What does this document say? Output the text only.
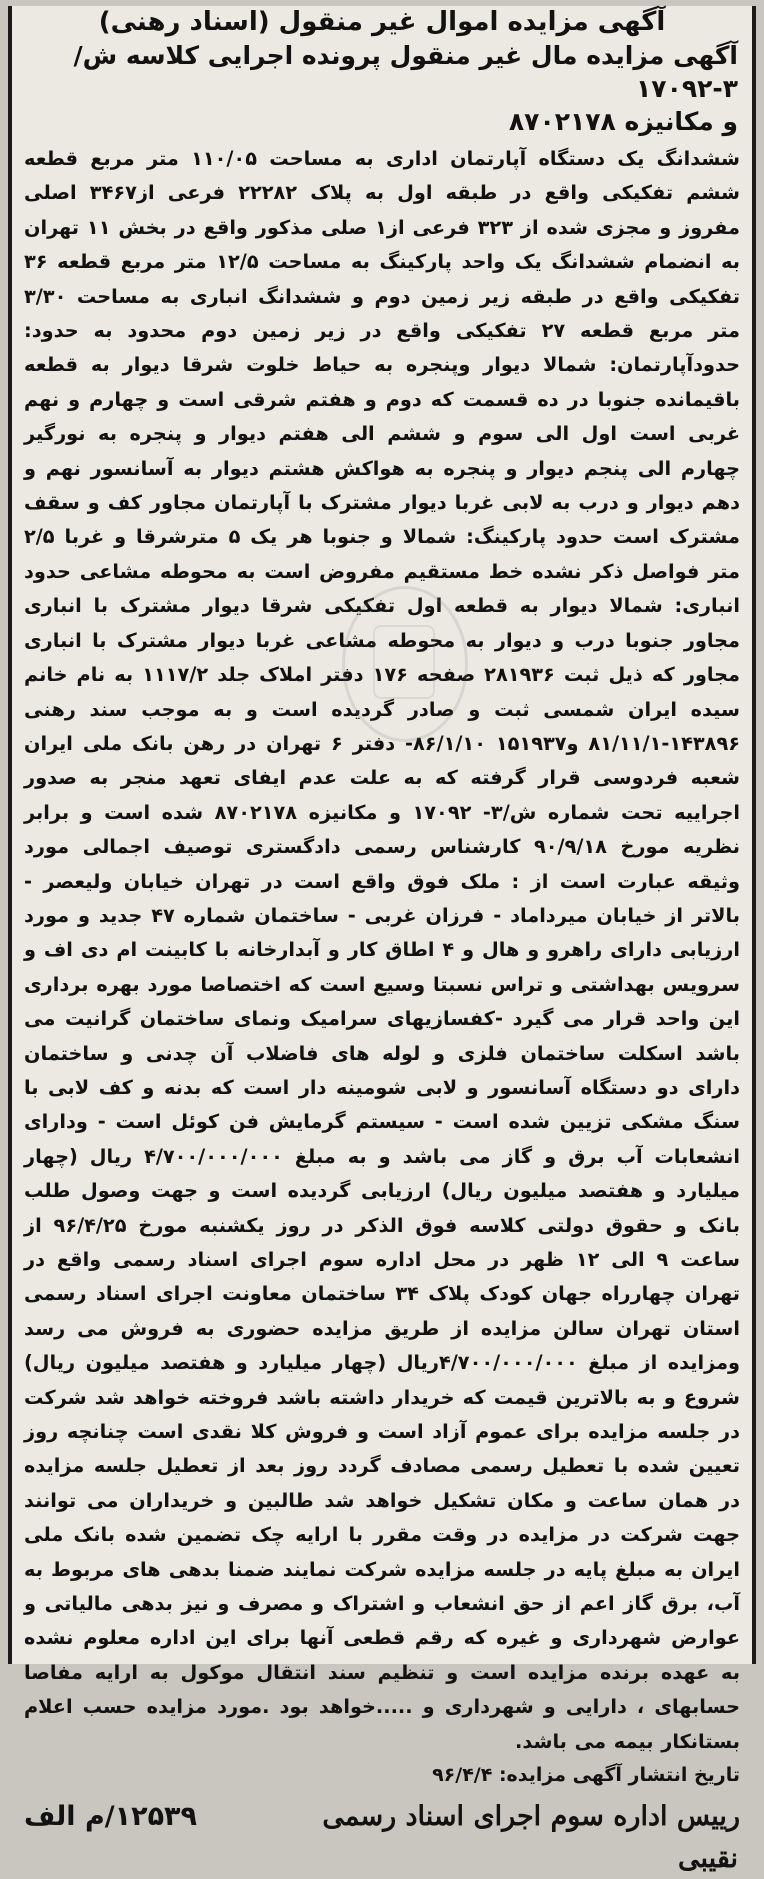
آگهی مزایده اموال غیر منقول (اسناد رهنی)
آگهی مزایده مال غیر منقول پرونده اجرایی کلاسه ش/۳-۱۷۰۹۲
و مکانیزه ۸۷۰۲۱۷۸

ششدانگ یک دستگاه آپارتمان اداری به مساحت ۱۱۰/۰۵ متر مربع قطعه ششم تفکیکی واقع در طبقه اول به پلاک ۲۲۲۸۲ فرعی از۳۴۶۷ اصلی مفروز و مجزی شده از ۳۲۳ فرعی از۱ صلی مذکور واقع در بخش ۱۱ تهران به انضمام ششدانگ یک واحد پارکینگ به مساحت ۱۲/۵ متر مربع قطعه ۳۶ تفکیکی واقع در طبقه زیر زمین دوم و ششدانگ انباری به مساحت ۳/۳۰ متر مربع قطعه ۲۷ تفکیکی واقع در زیر زمین دوم محدود به حدود: حدودآپارتمان: شمالا دیوار وپنجره به حیاط خلوت شرقا دیوار به قطعه باقیمانده جنوبا در ده قسمت که دوم و هفتم شرقی است و چهارم و نهم غربی است اول الی سوم و ششم الی هفتم دیوار و پنجره به نورگیر چهارم الی پنجم دیوار و پنجره به هواکش هشتم دیوار به آسانسور نهم و دهم دیوار و درب به لابی غربا دیوار مشترک با آپارتمان مجاور کف و سقف مشترک است حدود پارکینگ: شمالا و جنوبا هر یک ۵ مترشرقا و غربا ۲/۵ متر فواصل ذکر نشده خط مستقیم مفروض است به محوطه مشاعی حدود انباری: شمالا دیوار به قطعه اول تفکیکی شرقا دیوار مشترک با انباری مجاور جنوبا درب و دیوار به محوطه مشاعی غربا دیوار مشترک با انباری مجاور که ذیل ثبت ۲۸۱۹۳۶ صفحه ۱۷۶ دفتر املاک جلد ۱۱۱۷/۲ به نام خانم سیده ایران شمسی ثبت و صادر گردیده است و به موجب سند رهنی ۱۴۳۸۹۶-۸۱/۱۱/۱ و۱۵۱۹۳۷ ۸۶/۱/۱۰- دفتر ۶ تهران در رهن بانک ملی ایران شعبه فردوسی قرار گرفته که به علت عدم ایفای تعهد منجر به صدور اجراییه تحت شماره ش/۳- ۱۷۰۹۲ و مکانیزه ۸۷۰۲۱۷۸ شده است و برابر نظریه مورخ ۹۰/۹/۱۸ کارشناس رسمی دادگستری توصیف اجمالی مورد وثیقه عبارت است از : ملک فوق واقع است در تهران خیابان ولیعصر - بالاتر از خیابان میرداماد - فرزان غربی - ساختمان شماره ۴۷ جدید و مورد ارزیابی دارای راهرو و هال و ۴ اطاق کار و آبدارخانه با کابینت ام دی اف و سرویس بهداشتی و تراس نسبتا وسیع است که اختصاصا مورد بهره برداری این واحد قرار می گیرد -کفسازیهای سرامیک ونمای ساختمان گرانیت می باشد اسکلت ساختمان فلزی و لوله های فاضلاب آن چدنی و ساختمان دارای دو دستگاه آسانسور و لابی شومینه دار است که بدنه و کف لابی با سنگ مشکی تزیین شده است - سیستم گرمایش فن کوئل است - ودارای انشعابات آب برق و گاز می باشد و به مبلغ ۴/۷۰۰/۰۰۰/۰۰۰ ریال (چهار میلیارد و هفتصد میلیون ریال) ارزیابی گردیده است و جهت وصول طلب بانک و حقوق دولتی کلاسه فوق الذکر در روز یکشنبه مورخ ۹۶/۴/۲۵ از ساعت ۹ الی ۱۲ ظهر در محل اداره سوم اجرای اسناد رسمی واقع در تهران چهارراه جهان کودک پلاک ۳۴ ساختمان معاونت اجرای اسناد رسمی استان تهران سالن مزایده از طریق مزایده حضوری به فروش می رسد ومزایده از مبلغ ۴/۷۰۰/۰۰۰/۰۰۰ریال (چهار میلیارد و هفتصد میلیون ریال) شروع و به بالاترین قیمت که خریدار داشته باشد فروخته خواهد شد شرکت در جلسه مزایده برای عموم آزاد است و فروش کلا نقدی است چنانچه روز تعیین شده با تعطیل رسمی مصادف گردد روز بعد از تعطیل جلسه مزایده در همان ساعت و مکان تشکیل خواهد شد طالبین و خریداران می توانند جهت شرکت در مزایده در وقت مقرر با ارایه چک تضمین شده بانک ملی ایران به مبلغ پایه در جلسه مزایده شرکت نمایند ضمنا بدهی های مربوط به آب، برق گاز اعم از حق انشعاب و اشتراک و مصرف و نیز بدهی مالیاتی و عوارض شهرداری و غیره که رقم قطعی آنها برای این اداره معلوم نشده به عهده برنده مزایده است و تنظیم سند انتقال موکول به ارایه مفاصا حسابهای ، دارایی و شهرداری و .....خواهد بود .مورد مزایده حسب اعلام بستانکار بیمه می باشد.

تاریخ انتشار آگهی مزایده: ۹۶/۴/۴

رییس اداره سوم اجرای اسناد رسمی
۱۲۵۳۹/م الف

نقیبی
